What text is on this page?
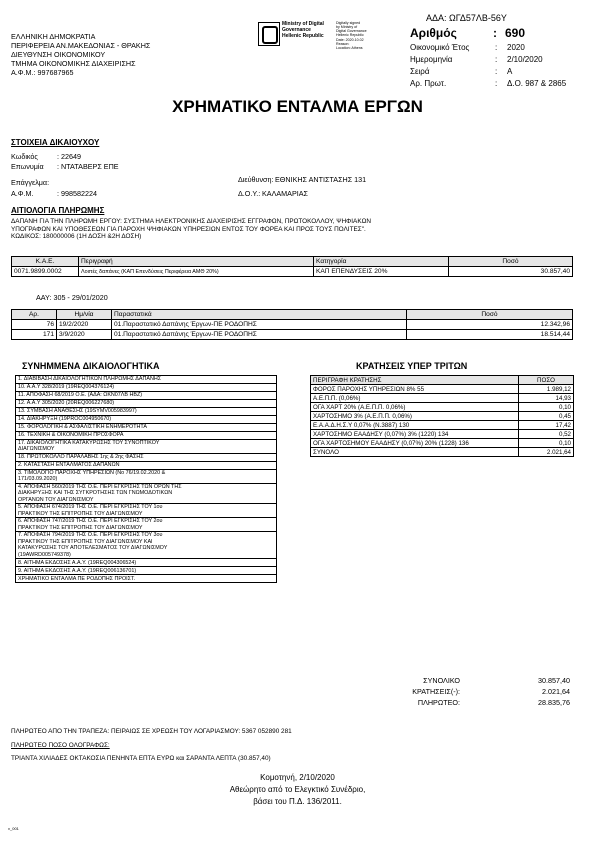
ΑΔΑ: ΩΓΔ57ΛΒ-56Υ
ΕΛΛΗΝΙΚΗ ΔΗΜΟΚΡΑΤΙΑ
ΠΕΡΙΦΕΡΕΙΑ ΑΝ.ΜΑΚΕΔΟΝΙΑΣ - ΘΡΑΚΗΣ
ΔΙΕΥΘΥΝΣΗ ΟΙΚΟΝΟΜΙΚΟΥ
ΤΜΗΜΑ ΟΙΚΟΝΟΜΙΚΗΣ ΔΙΑΧΕΙΡΙΣΗΣ
Α.Φ.Μ.: 997687965
Ministry of Digital
Governance
Hellenic Republic
Digitally signed
by Ministry of
Digital Governance
Hellenic Republic
Date: 2020.10.02
Reason:
Location: Athens
Αριθμός	: 690
Οικονομικό Έτος	:	2020
Ημερομηνία	:	2/10/2020
Σειρά	:	Α
Αρ. Πρωτ.	:	Δ.Ο. 987 & 2865
ΧΡΗΜΑΤΙΚΟ ΕΝΤΑΛΜΑ ΕΡΓΩΝ
ΣΤΟΙΧΕΙΑ ΔΙΚΑΙΟΥΧΟΥ
Κωδικός	: 22649
Επωνυμία : ΝΤΑΤΑΒΕΡΣ ΕΠΕ
Επάγγελμα:
Α.Φ.Μ.	: 998582224
Διεύθυνση: ΕΘΝΙΚΗΣ ΑΝΤΙΣΤΑΣΗΣ 131
Δ.Ο.Υ.: ΚΑΛΑΜΑΡΙΑΣ
ΑΙΤΙΟΛΟΓΙΑ ΠΛΗΡΩΜΗΣ
ΔΑΠΑΝΗ ΓΙΑ ΤΗΝ ΠΛΗΡΩΜΗ ΕΡΓΟΥ: ΣΥΣΤΗΜΑ ΗΛΕΚΤΡΟΝΙΚΗΣ ΔΙΑΧΕΙΡΙΣΗΣ ΕΓΓΡΑΦΩΝ, ΠΡΩΤΟΚΟΛΛΟΥ, ΨΗΦΙΑΚΩΝ
ΥΠΟΓΡΑΦΩΝ ΚΑΙ ΥΠΟΘΕΣΕΩΝ ΓΙΑ ΠΑΡΟΧΗ ΨΗΦΙΑΚΩΝ ΥΠΗΡΕΣΙΩΝ ΕΝΤΟΣ ΤΟΥ ΦΟΡΕΑ ΚΑΙ ΠΡΟΣ ΤΟΥΣ ΠΟΛΙΤΕΣ".
ΚΩΔΙΚΟΣ: 180000006 (1Η ΔΟΣΗ &2Η ΔΟΣΗ)
Κ.Α.Ε.	Περιγραφή	Κατηγορία	Ποσό
0071.9899.0002	Λοιπές δαπάνες (ΚΑΠ Επενδύσεις Περιφέρεια ΑΜΘ 20%)	ΚΑΠ ΕΠΕΝΔΥΣΕΙΣ 20%	30.857,40
ΑΑΥ: 305 - 29/01/2020
Αρ.	Ημ/νία	Παραστατικά	Ποσό
76	19/2/2020	01.Παραστατικό Δαπάνης Έργων-ΠΕ ΡΟΔΟΠΗΣ	12.342,96
171	3/9/2020	01.Παραστατικό Δαπάνης Έργων-ΠΕ ΡΟΔΟΠΗΣ	18.514,44
ΣΥΝΗΜΜΕΝΑ ΔΙΚΑΙΟΛΟΓΗΤΙΚΑ
1. ΔΙΑΒΙΒΑΣΗ ΔΙΚΑΙΟΛΟΓΗΤΙΚΩΝ ΠΛΗΡΩΜΗΣ ΔΑΠΑΝΗΣ

10. Α.Α.Υ 328/2019 (19REQ004376124)

11. ΑΠΟΦΑΣΗ 68/2019 Ο.Ε. (ΑΔΑ: ΩΚΝ07ΛΒ ΗΒΖ)

12. Α.Α.Υ 305/2020 (20REQ006227680)

13. ΣΥΜΒΑΣΗ ΑΝΑΘΕΣΗΣ (19SYMV005983997)

14. ΔΙΑΚΗΡΥΞΗ (19PROC004950670)

15. ΦΟΡΟΛΟΓΙΚΗ & ΑΣΦΑΛΙΣΤΙΚΗ ΕΝΗΜΕΡΟΤΗΤΑ

16. ΤΕΧΝΙΚΗ & ΟΙΚΟΝΟΜΙΚΗ ΠΡΟΣΦΟΡΑ

17. ΔΙΚΑΙΟΛΟΓΗΤΙΚΑ ΚΑΤΑΚΥΡΩΣΗΣ ΤΟΥ ΣΥΝΟΠΤΙΚΟΥ
ΔΙΑΓΩΝΙΣΜΟΥ

18. ΠΡΩΤΟΚΟΛΛΟ ΠΑΡΑΛΑΒΗΣ 1ης & 2ης ΦΑΣΗΣ

2. ΚΑΤΑΣΤΑΣΗ ΕΝΤΑΛΜΑΤΟΣ ΔΑΠΑΝΩΝ

3. ΤΙΜΟΛΟΓΙΟ ΠΑΡΟΧΗΣ ΥΠΗΡΕΣΙΩΝ (Νο 76/19.02.2020 &
171/03.09.2020)

4. ΑΠΟΦΑΣΗ 560/2019 ΤΗΣ Ο.Ε. ΠΕΡΙ ΕΓΚΡΙΣΗΣ ΤΩΝ ΟΡΩΝ ΤΗΣ
ΔΙΑΚΗΡΥΞΗΣ ΚΑΙ ΤΗΣ ΣΥΓΚΡΟΤΗΣΗΣ ΤΩΝ ΓΝΩΜΟΔΟΤΙΚΩΝ
ΟΡΓΑΝΩΝ ΤΟΥ ΔΙΑΓΩΝΙΣΜΟΥ

5. ΑΠΟΦΑΣΗ 674/2019 ΤΗΣ Ο.Ε. ΠΕΡΙ ΕΓΚΡΙΣΗΣ ΤΟΥ 1ου
ΠΡΑΚΤΙΚΟΥ ΤΗΣ ΕΠΙΤΡΟΠΗΣ ΤΟΥ ΔΙΑΓΩΝΙΣΜΟΥ

6. ΑΠΟΦΑΣΗ 747/2019 ΤΗΣ Ο.Ε. ΠΕΡΙ ΕΓΚΡΙΣΗΣ ΤΟΥ 2ου
ΠΡΑΚΤΙΚΟΥ ΤΗΣ ΕΠΙΤΡΟΠΗΣ ΤΟΥ ΔΙΑΓΩΝΙΣΜΟΥ

7. ΑΠΟΦΑΣΗ 794/2019 ΤΗΣ Ο.Ε. ΠΕΡΙ ΕΓΚΡΙΣΗΣ ΤΟΥ 3ου
ΠΡΑΚΤΙΚΟΥ ΤΗΣ ΕΠΙΤΡΟΠΗΣ ΤΟΥ ΔΙΑΓΩΝΙΣΜΟΥ ΚΑΙ
ΚΑΤΑΚΥΡΩΣΗΣ ΤΟΥ ΑΠΟΤΕΛΕΣΜΑΤΟΣ ΤΟΥ ΔΙΑΓΩΝΙΣΜΟΥ
(19AWRD005749378)

8. ΑΙΤΗΜΑ ΕΚΔΟΣΗΣ Α.Α.Υ. (19REQ004306524)

9. ΑΙΤΗΜΑ ΕΚΔΟΣΗΣ Α.Α.Υ. (19REQ006136701)

ΧΡΗΜΑΤΙΚΟ ΕΝΤΑΛΜΑ ΠΕ ΡΟΔΟΠΗΣ ΠΡΟΙΣΤ.
ΚΡΑΤΗΣΕΙΣ ΥΠΕΡ ΤΡΙΤΩΝ
ΠΕΡΙΓΡΑΦΗ ΚΡΑΤΗΣΗΣ	ΠΟΣΟ
ΦΟΡΟΣ ΠΑΡΟΧΗΣ ΥΠΗΡΕΣΙΩΝ 8% 55	1.989,12
Α.Ε.Π.Π. (0,06%)	14,93
ΟΓΑ ΧΑΡΤ 20% (Α.Ε.Π.Π. 0,06%)	0,10
ΧΑΡΤΟΣΗΜΟ 3% (Α.Ε.Π.Π. 0,06%)	0,45
Ε.Α.Α.Δ.Η.Σ.Υ 0,07% (Ν.3887) 130	17,42
ΧΑΡΤΟΣΗΜΟ ΕΑΑΔΗΣΥ (0,07%) 3% (1220) 134	0,52
ΟΓΑ ΧΑΡΤΟΣΗΜΟΥ ΕΑΑΔΗΣΥ (0,07%) 20% (1228) 136	0,10
ΣΥΝΟΛΟ	2.021,64
ΣΥΝΟΛΙΚΟ	30.857,40
ΚΡΑΤΗΣΕΙΣ(-):	2.021,64
ΠΛΗΡΩΤΕΟ:	28.835,76
ΠΛΗΡΩΤΕΟ ΑΠΟ ΤΗΝ ΤΡΑΠΕΖΑ: ΠΕΙΡΑΙΩΣ ΣΕ ΧΡΕΩΣΗ ΤΟΥ ΛΟΓΑΡΙΑΣΜΟΥ: 5367 052890 281
ΠΛΗΡΩΤΕΟ ΠΟΣΟ ΟΛΟΓΡΑΦΩΣ:
ΤΡΙΑΝΤΑ ΧΙΛΙΑΔΕΣ ΟΚΤΑΚΟΣΙΑ ΠΕΝΗΝΤΑ ΕΠΤΑ ΕΥΡΩ και ΣΑΡΑΝΤΑ ΛΕΠΤΑ (30.857,40)
Κομοτηνή, 2/10/2020
Αθεώρητο από το Ελεγκτικό Συνέδριο,
βάσει του Π.Δ. 136/2011.
v_001
